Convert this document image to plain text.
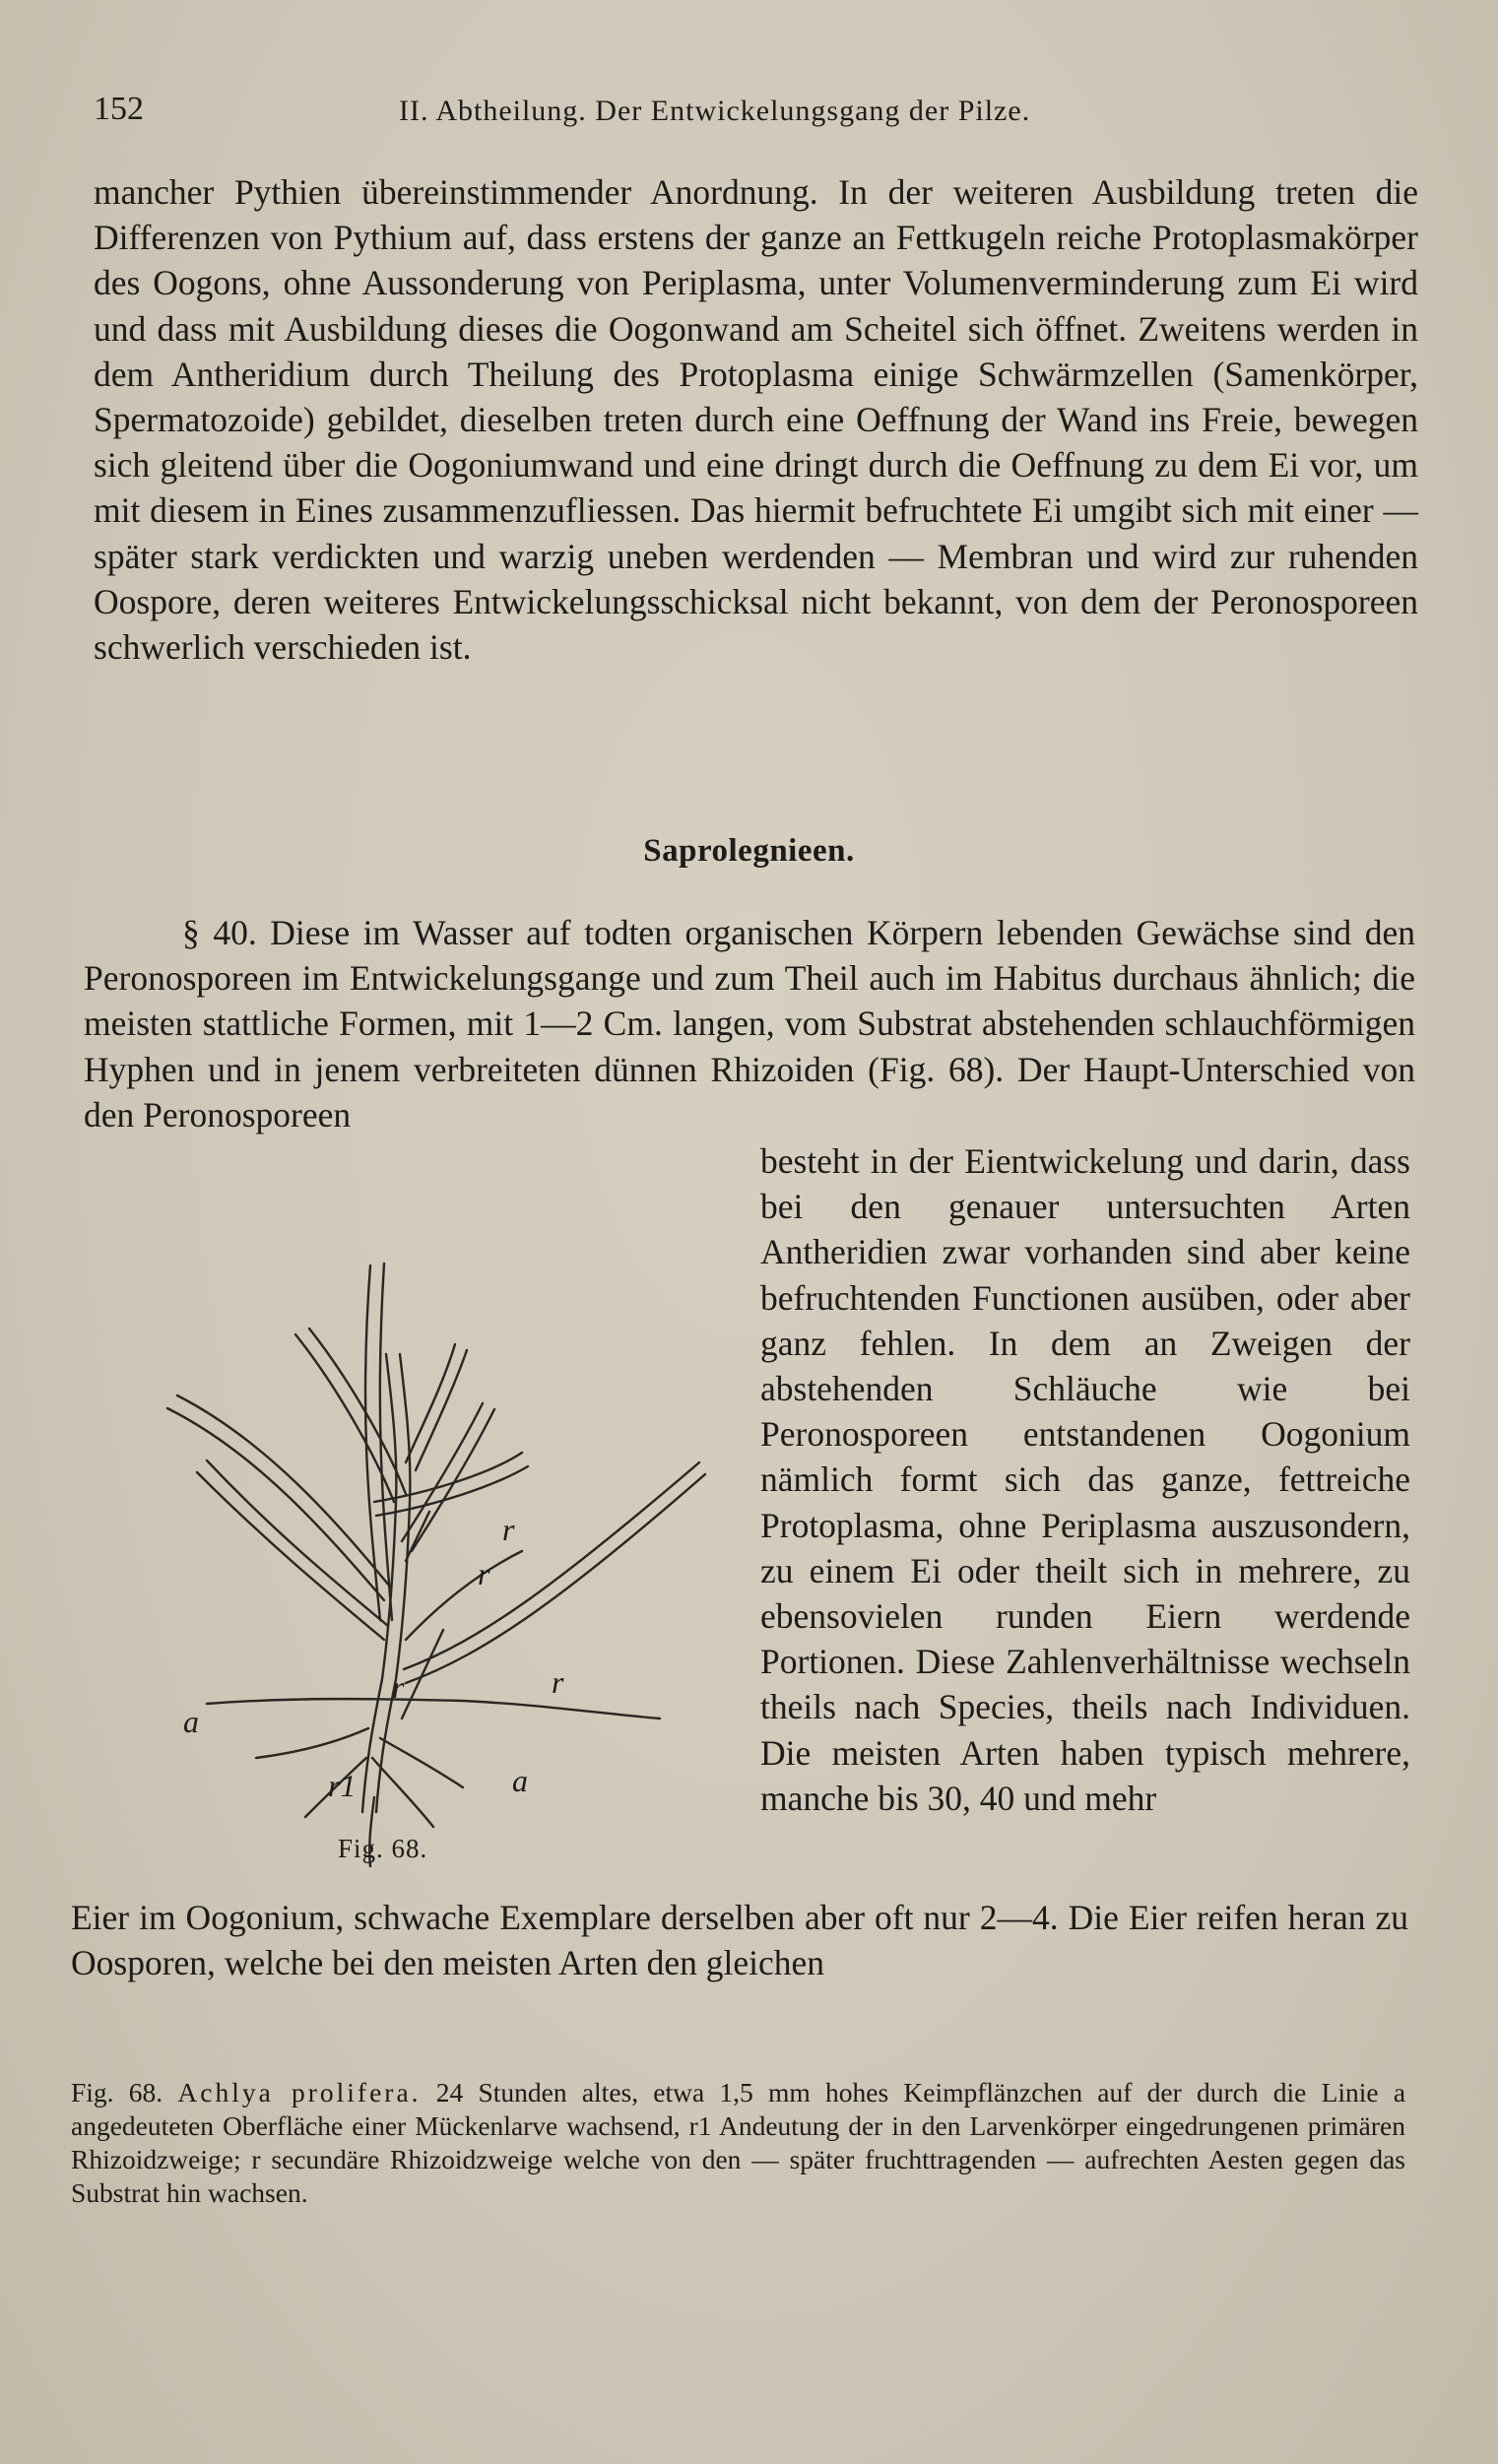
152	II. Abtheilung. Der Entwickelungsgang der Pilze.

mancher Pythien übereinstimmender Anordnung. In der weiteren Ausbildung treten die Differenzen von Pythium auf, dass erstens der ganze an Fettkugeln reiche Protoplasmakörper des Oogons, ohne Aussonderung von Periplasma, unter Volumenverminderung zum Ei wird und dass mit Ausbildung dieses die Oogonwand am Scheitel sich öffnet. Zweitens werden in dem Antheridium durch Theilung des Protoplasma einige Schwärmzellen (Samenkörper, Spermatozoide) gebildet, dieselben treten durch eine Oeffnung der Wand ins Freie, bewegen sich gleitend über die Oogoniumwand und eine dringt durch die Oeffnung zu dem Ei vor, um mit diesem in Eines zusammenzufliessen. Das hiermit befruchtete Ei umgibt sich mit einer — später stark verdickten und warzig uneben werdenden — Membran und wird zur ruhenden Oospore, deren weiteres Entwickelungsschicksal nicht bekannt, von dem der Peronosporeen schwerlich verschieden ist.

Saprolegnieen.

§ 40. Diese im Wasser auf todten organischen Körpern lebenden Gewächse sind den Peronosporeen im Entwickelungsgange und zum Theil auch im Habitus durchaus ähnlich; die meisten stattliche Formen, mit 1—2 Cm. langen, vom Substrat abstehenden schlauchförmigen Hyphen und in jenem verbreiteten dünnen Rhizoiden (Fig. 68). Der Haupt-Unterschied von den Peronosporeen

a
a
r1
r
r
r	r
Fig. 68.

besteht in der Eientwickelung und darin, dass bei den genauer untersuchten Arten Antheridien zwar vorhanden sind aber keine befruchtenden Functionen ausüben, oder aber ganz fehlen. In dem an Zweigen der abstehenden Schläuche wie bei Peronosporeen entstandenen Oogonium nämlich formt sich das ganze, fettreiche Protoplasma, ohne Periplasma auszusondern, zu einem Ei oder theilt sich in mehrere, zu ebensovielen runden Eiern werdende Portionen. Diese Zahlenverhältnisse wechseln theils nach Species, theils nach Individuen. Die meisten Arten haben typisch mehrere, manche bis 30, 40 und mehr

Eier im Oogonium, schwache Exemplare derselben aber oft nur 2—4. Die Eier reifen heran zu Oosporen, welche bei den meisten Arten den gleichen

Fig. 68. Achlya prolifera. 24 Stunden altes, etwa 1,5 mm hohes Keimpflänzchen auf der durch die Linie a angedeuteten Oberfläche einer Mückenlarve wachsend, r1 Andeutung der in den Larvenkörper eingedrungenen primären Rhizoidzweige; r secundäre Rhizoidzweige welche von den — später fruchttragenden — aufrechten Aesten gegen das Substrat hin wachsen.
